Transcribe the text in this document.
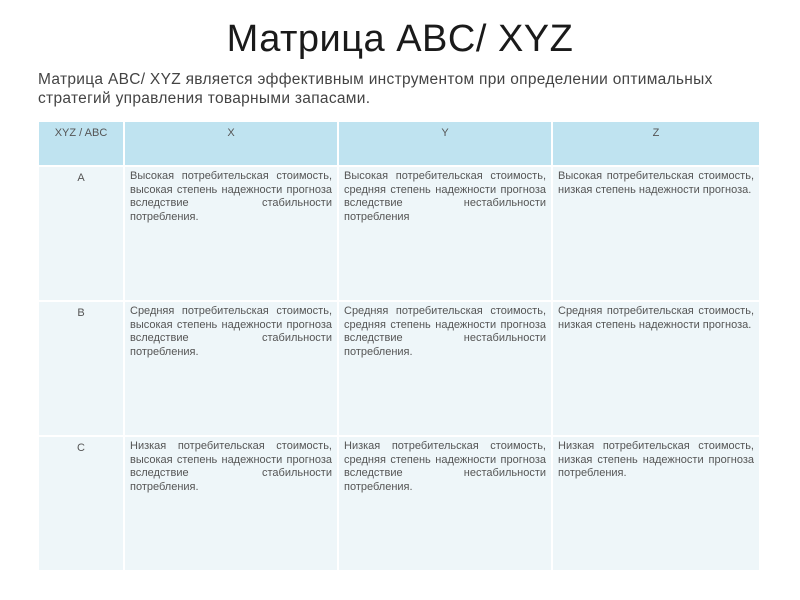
Матрица ABC/ XYZ
Матрица ABC/ XYZ является эффективным инструментом при определении оптимальных стратегий управления товарными запасами.
XYZ / ABC	X	Y	Z
A	Высокая потребительская стоимость, высокая степень надежности прогноза вследствие стабильности потребления.	Высокая потребительская стоимость, средняя степень надежности прогноза вследствие нестабильности потребления	Высокая потребительская стоимость, низкая степень надежности прогноза.
B	Средняя потребительская стоимость, высокая степень надежности прогноза вследствие стабильности потребления.	Средняя потребительская стоимость, средняя степень надежности прогноза вследствие нестабильности потребления.	Средняя потребительская стоимость, низкая степень надежности прогноза.
C	Низкая потребительская стоимость, высокая степень надежности прогноза вследствие стабильности потребления.	Низкая потребительская стоимость, средняя степень надежности прогноза вследствие нестабильности потребления.	Низкая потребительская стоимость, низкая степень надежности прогноза потребления.
